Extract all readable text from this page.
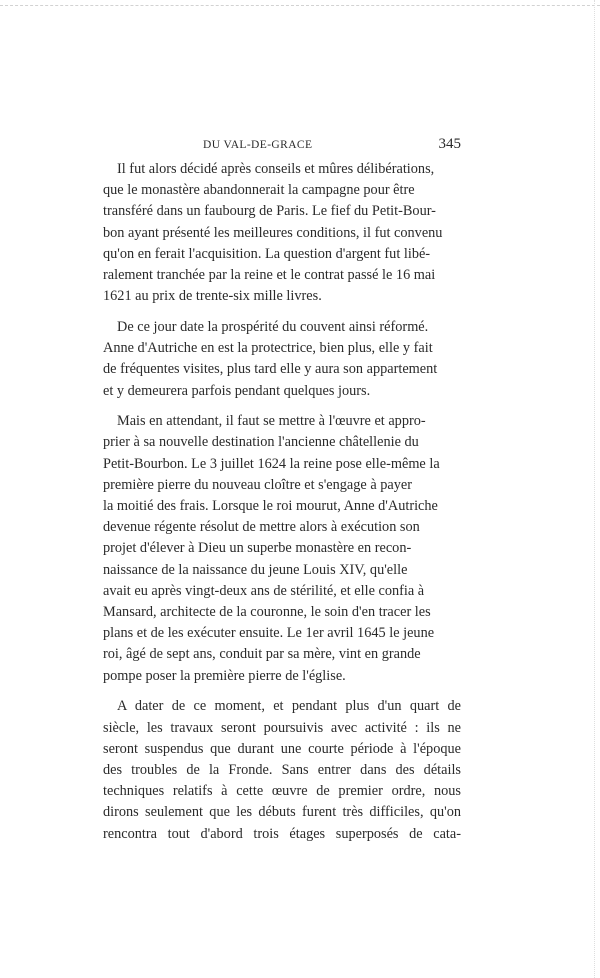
DU VAL-DE-GRACE	345

Il fut alors décidé après conseils et mûres délibérations,
que le monastère abandonnerait la campagne pour être
transféré dans un faubourg de Paris. Le fief du Petit-Bour-
bon ayant présenté les meilleures conditions, il fut convenu
qu'on en ferait l'acquisition. La question d'argent fut libé-
ralement tranchée par la reine et le contrat passé le 16 mai
1621 au prix de trente-six mille livres.

De ce jour date la prospérité du couvent ainsi réformé.
Anne d'Autriche en est la protectrice, bien plus, elle y fait
de fréquentes visites, plus tard elle y aura son appartement
et y demeurera parfois pendant quelques jours.

Mais en attendant, il faut se mettre à l'œuvre et appro-
prier à sa nouvelle destination l'ancienne châtellenie du
Petit-Bourbon. Le 3 juillet 1624 la reine pose elle-même la
première pierre du nouveau cloître et s'engage à payer
la moitié des frais. Lorsque le roi mourut, Anne d'Autriche
devenue régente résolut de mettre alors à exécution son
projet d'élever à Dieu un superbe monastère en recon-
naissance de la naissance du jeune Louis XIV, qu'elle
avait eu après vingt-deux ans de stérilité, et elle confia à
Mansard, architecte de la couronne, le soin d'en tracer les
plans et de les exécuter ensuite. Le 1er avril 1645 le jeune
roi, âgé de sept ans, conduit par sa mère, vint en grande
pompe poser la première pierre de l'église.

A dater de ce moment, et pendant plus d'un quart de
siècle, les travaux seront poursuivis avec activité : ils ne
seront suspendus que durant une courte période à l'époque
des troubles de la Fronde. Sans entrer dans des détails
techniques relatifs à cette œuvre de premier ordre, nous
dirons seulement que les débuts furent très difficiles, qu'on
rencontra tout d'abord trois étages superposés de cata-
